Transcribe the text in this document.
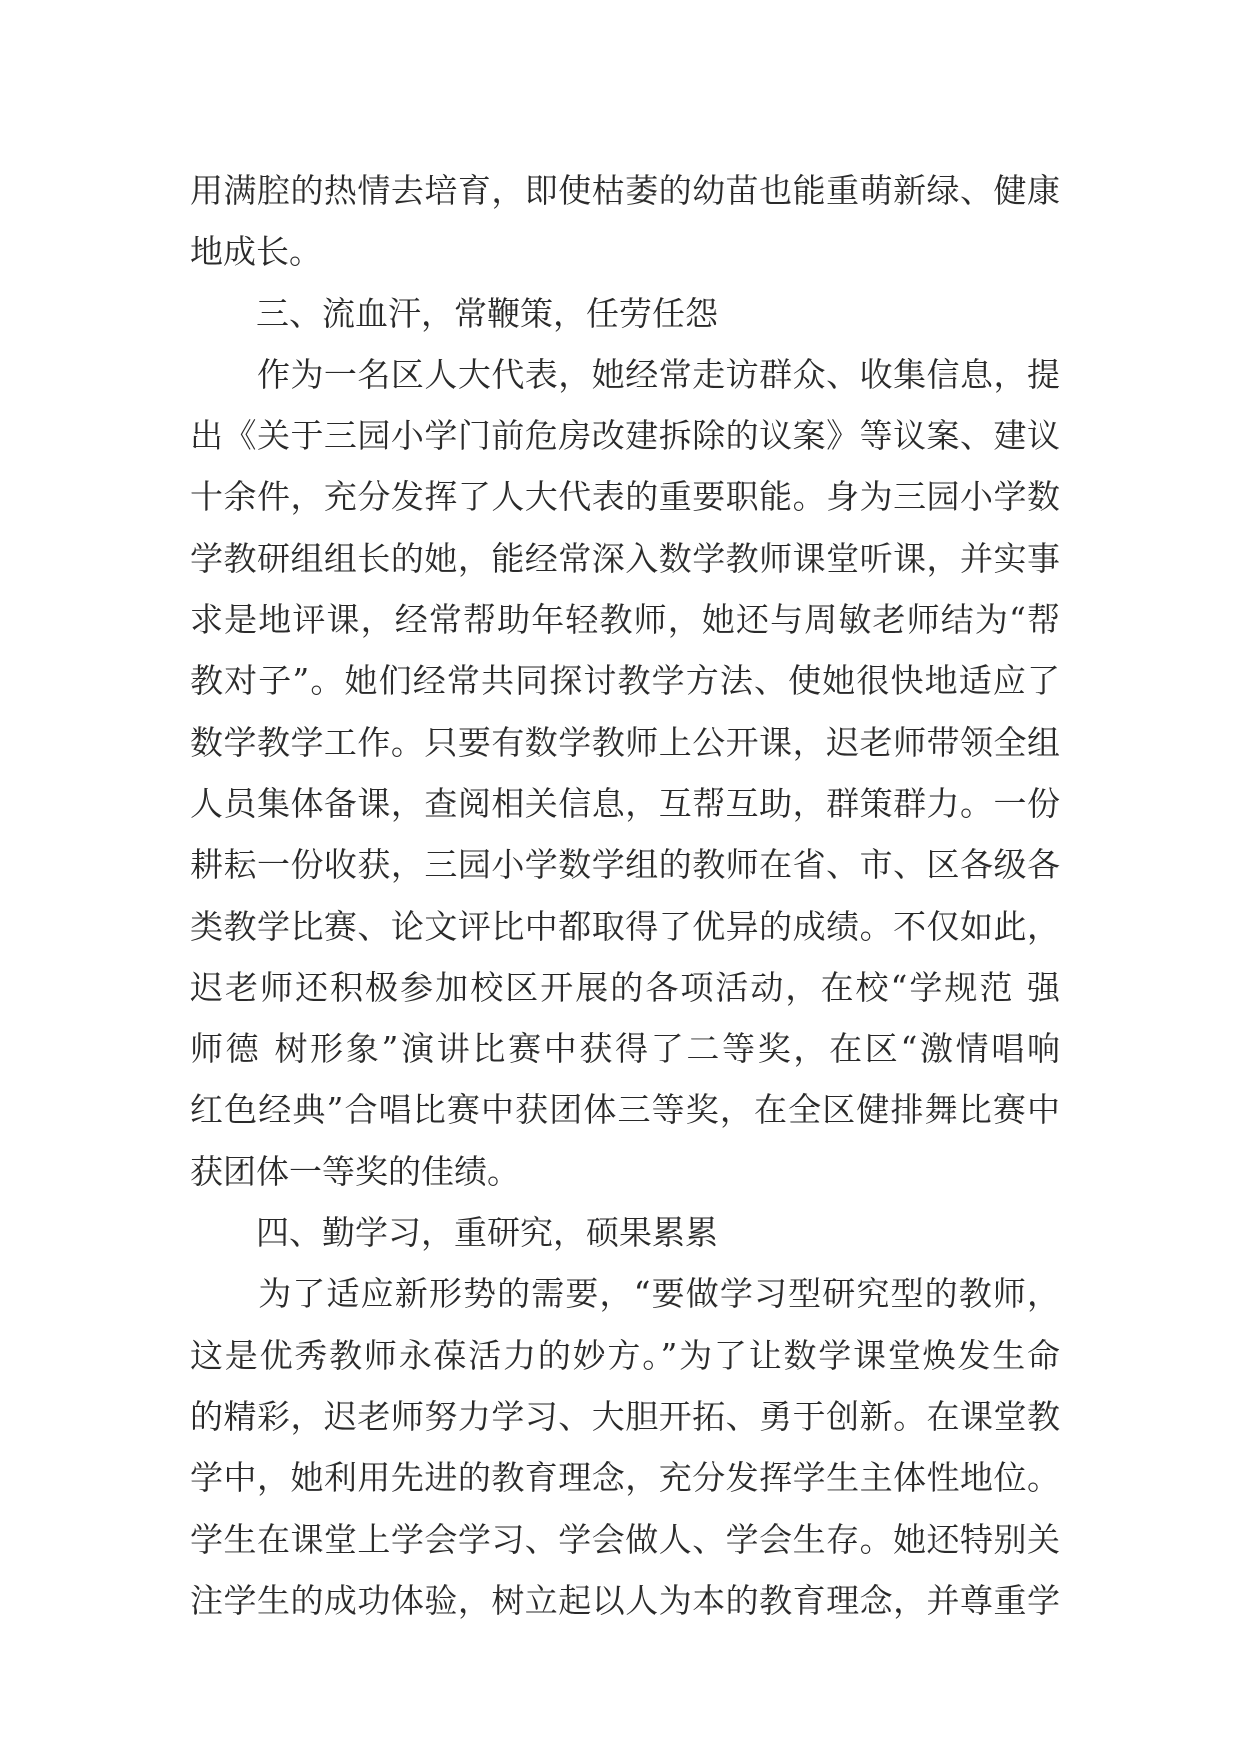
用满腔的热情去培育，即使枯萎的幼苗也能重萌新绿、健康
地成长。
　　三、流血汗，常鞭策，任劳任怨
　　作为一名区人大代表，她经常走访群众、收集信息，提
出《关于三园小学门前危房改建拆除的议案》等议案、建议
十余件，充分发挥了人大代表的重要职能。身为三园小学数
学教研组组长的她，能经常深入数学教师课堂听课，并实事
求是地评课，经常帮助年轻教师，她还与周敏老师结为“帮
教对子”。她们经常共同探讨教学方法、使她很快地适应了
数学教学工作。只要有数学教师上公开课，迟老师带领全组
人员集体备课，查阅相关信息，互帮互助，群策群力。一份
耕耘一份收获，三园小学数学组的教师在省、市、区各级各
类教学比赛、论文评比中都取得了优异的成绩。不仅如此，
迟老师还积极参加校区开展的各项活动，在校“学规范 强
师德 树形象”演讲比赛中获得了二等奖，在区“激情唱响
红色经典”合唱比赛中获团体三等奖，在全区健排舞比赛中
获团体一等奖的佳绩。
　　四、勤学习，重研究，硕果累累
　　为了适应新形势的需要，“要做学习型研究型的教师，
这是优秀教师永葆活力的妙方。”为了让数学课堂焕发生命
的精彩，迟老师努力学习、大胆开拓、勇于创新。在课堂教
学中，她利用先进的教育理念，充分发挥学生主体性地位。
学生在课堂上学会学习、学会做人、学会生存。她还特别关
注学生的成功体验，树立起以人为本的教育理念，并尊重学
